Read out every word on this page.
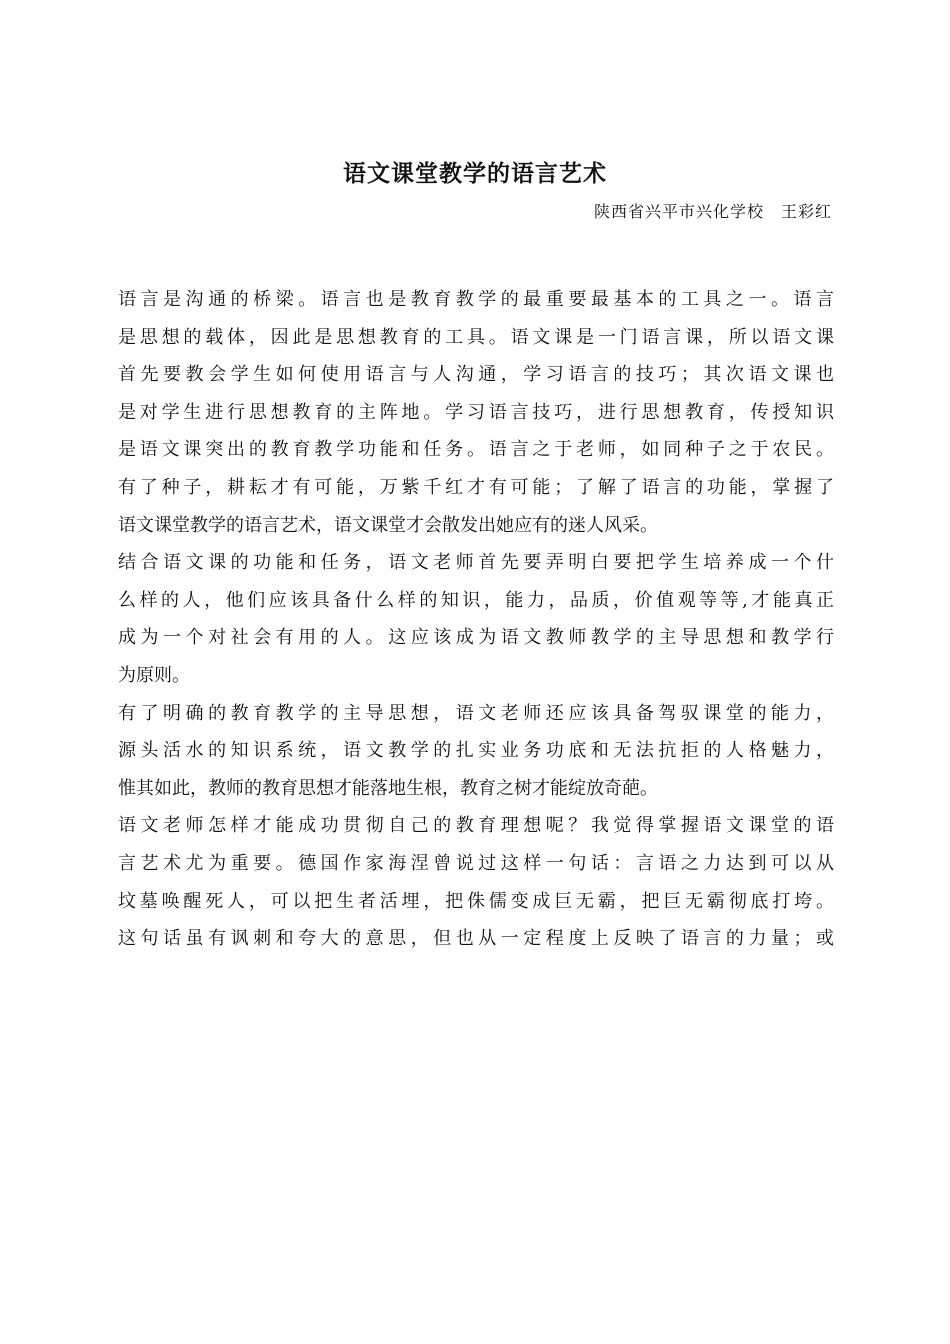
语文课堂教学的语言艺术
陕西省兴平市兴化学校　王彩红
语言是沟通的桥梁。语言也是教育教学的最重要最基本的工具之一。语言
是思想的载体，因此是思想教育的工具。语文课是一门语言课，所以语文课
首先要教会学生如何使用语言与人沟通，学习语言的技巧；其次语文课也
是对学生进行思想教育的主阵地。学习语言技巧，进行思想教育，传授知识
是语文课突出的教育教学功能和任务。语言之于老师，如同种子之于农民。
有了种子，耕耘才有可能，万紫千红才有可能；了解了语言的功能，掌握了
语文课堂教学的语言艺术，语文课堂才会散发出她应有的迷人风采。
结合语文课的功能和任务，语文老师首先要弄明白要把学生培养成一个什
么样的人，他们应该具备什么样的知识，能力，品质，价值观等等,才能真正
成为一个对社会有用的人。这应该成为语文教师教学的主导思想和教学行
为原则。
有了明确的教育教学的主导思想，语文老师还应该具备驾驭课堂的能力，
源头活水的知识系统，语文教学的扎实业务功底和无法抗拒的人格魅力，
惟其如此，教师的教育思想才能落地生根，教育之树才能绽放奇葩。
语文老师怎样才能成功贯彻自己的教育理想呢？我觉得掌握语文课堂的语
言艺术尤为重要。德国作家海涅曾说过这样一句话：言语之力达到可以从
坟墓唤醒死人，可以把生者活埋，把侏儒变成巨无霸，把巨无霸彻底打垮。
这句话虽有讽刺和夸大的意思，但也从一定程度上反映了语言的力量；或
